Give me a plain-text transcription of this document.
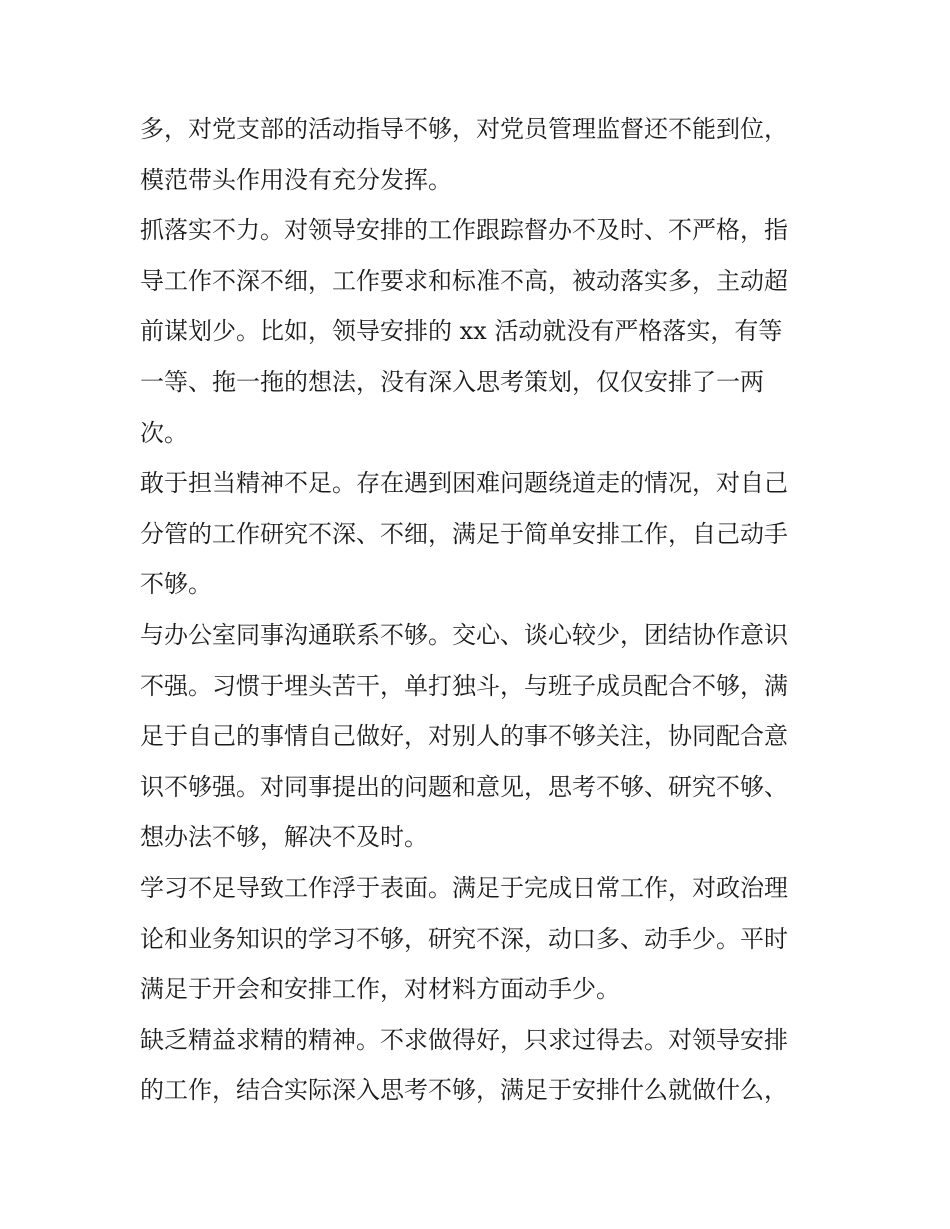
多，对党支部的活动指导不够，对党员管理监督还不能到位，
模范带头作用没有充分发挥。
抓落实不力。对领导安排的工作跟踪督办不及时、不严格，指
导工作不深不细，工作要求和标准不高，被动落实多，主动超
前谋划少。比如，领导安排的 xx 活动就没有严格落实，有等
一等、拖一拖的想法，没有深入思考策划，仅仅安排了一两
次。
敢于担当精神不足。存在遇到困难问题绕道走的情况，对自己
分管的工作研究不深、不细，满足于简单安排工作，自己动手
不够。
与办公室同事沟通联系不够。交心、谈心较少，团结协作意识
不强。习惯于埋头苦干，单打独斗，与班子成员配合不够，满
足于自己的事情自己做好，对别人的事不够关注，协同配合意
识不够强。对同事提出的问题和意见，思考不够、研究不够、
想办法不够，解决不及时。
学习不足导致工作浮于表面。满足于完成日常工作，对政治理
论和业务知识的学习不够，研究不深，动口多、动手少。平时
满足于开会和安排工作，对材料方面动手少。
缺乏精益求精的精神。不求做得好，只求过得去。对领导安排
的工作，结合实际深入思考不够，满足于安排什么就做什么，
